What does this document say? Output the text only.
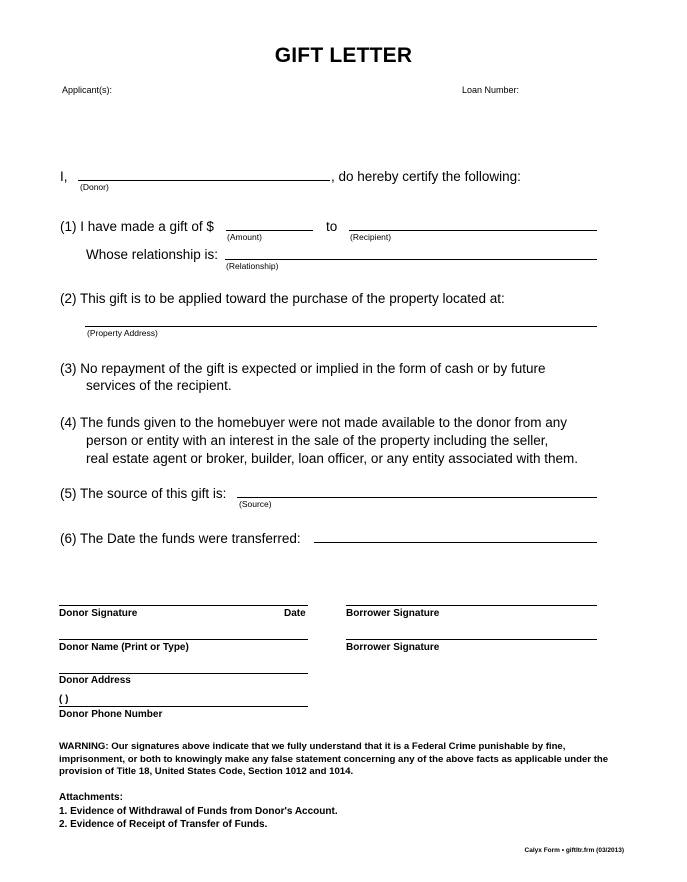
GIFT LETTER
Applicant(s):	Loan Number:
I,	, do hereby certify the following:
(Donor)
(1) I have made a gift of $
(Amount)
to
(Recipient)
Whose relationship is:
(Relationship)
(2) This gift is to be applied toward the purchase of the property located at:
(Property Address)
(3) No repayment of the gift is expected or implied in the form of cash or by future
services of the recipient.
(4) The funds given to the homebuyer were not made available to the donor from any
person or entity with an interest in the sale of the property including the seller,
real estate agent or broker, builder, loan officer, or any entity associated with them.
(5) The source of this gift is:
(Source)
(6) The Date the funds were transferred:
Donor Signature	Date	Borrower Signature
Donor Name (Print or Type)	Borrower Signature
Donor Address
( )
Donor Phone Number
WARNING: Our signatures above indicate that we fully understand that it is a Federal Crime punishable by fine, imprisonment, or both to knowingly make any false statement concerning any of the above facts as applicable under the provision of Title 18, United States Code, Section 1012 and 1014.
Attachments:
1. Evidence of Withdrawal of Funds from Donor's Account.
2. Evidence of Receipt of Transfer of Funds.
Calyx Form • giftltr.frm (03/2013)
